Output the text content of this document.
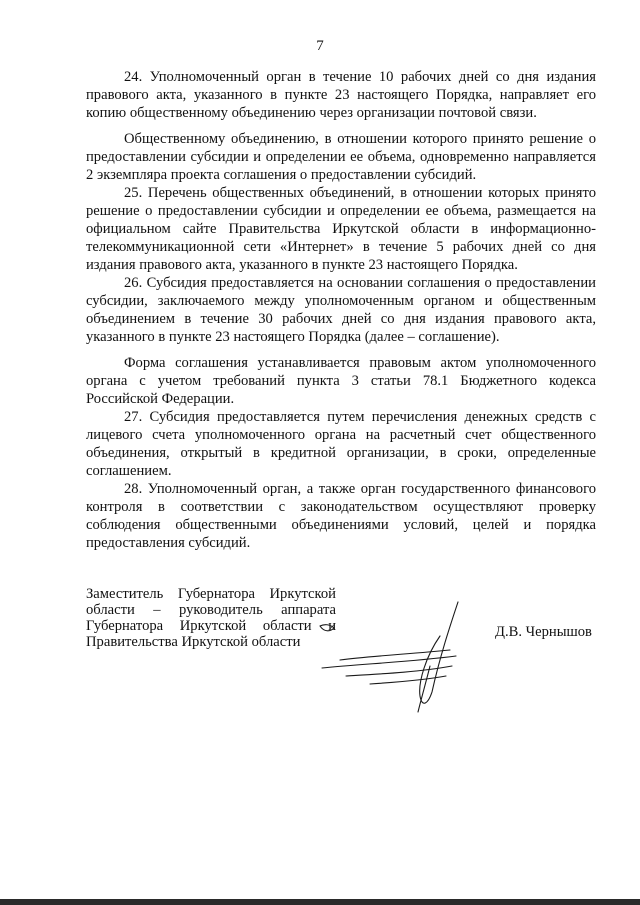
7

24. Уполномоченный орган в течение 10 рабочих дней со дня издания правового акта, указанного в пункте 23 настоящего Порядка, направляет его копию общественному объединению через организации почтовой связи.

Общественному объединению, в отношении которого принято решение о предоставлении субсидии и определении ее объема, одновременно направляется 2 экземпляра проекта соглашения о предоставлении субсидий.

25. Перечень общественных объединений, в отношении которых принято решение о предоставлении субсидии и определении ее объема, размещается на официальном сайте Правительства Иркутской области в информационно-телекоммуникационной сети «Интернет» в течение 5 рабочих дней со дня издания правового акта, указанного в пункте 23 настоящего Порядка.

26. Субсидия предоставляется на основании соглашения о предоставлении субсидии, заключаемого между уполномоченным органом и общественным объединением в течение 30 рабочих дней со дня издания правового акта, указанного в пункте 23 настоящего Порядка (далее – соглашение).

Форма соглашения устанавливается правовым актом уполномоченного органа с учетом требований пункта 3 статьи 78.1 Бюджетного кодекса Российской Федерации.

27. Субсидия предоставляется путем перечисления денежных средств с лицевого счета уполномоченного органа на расчетный счет общественного объединения, открытый в кредитной организации, в сроки, определенные соглашением.

28. Уполномоченный орган, а также орган государственного финансового контроля в соответствии с законодательством осуществляют проверку соблюдения общественными объединениями условий, целей и порядка предоставления субсидий.

Заместитель Губернатора Иркутской
области – руководитель аппарата
Губернатора Иркутской области и
Правительства Иркутской области
Д.В. Чернышов
